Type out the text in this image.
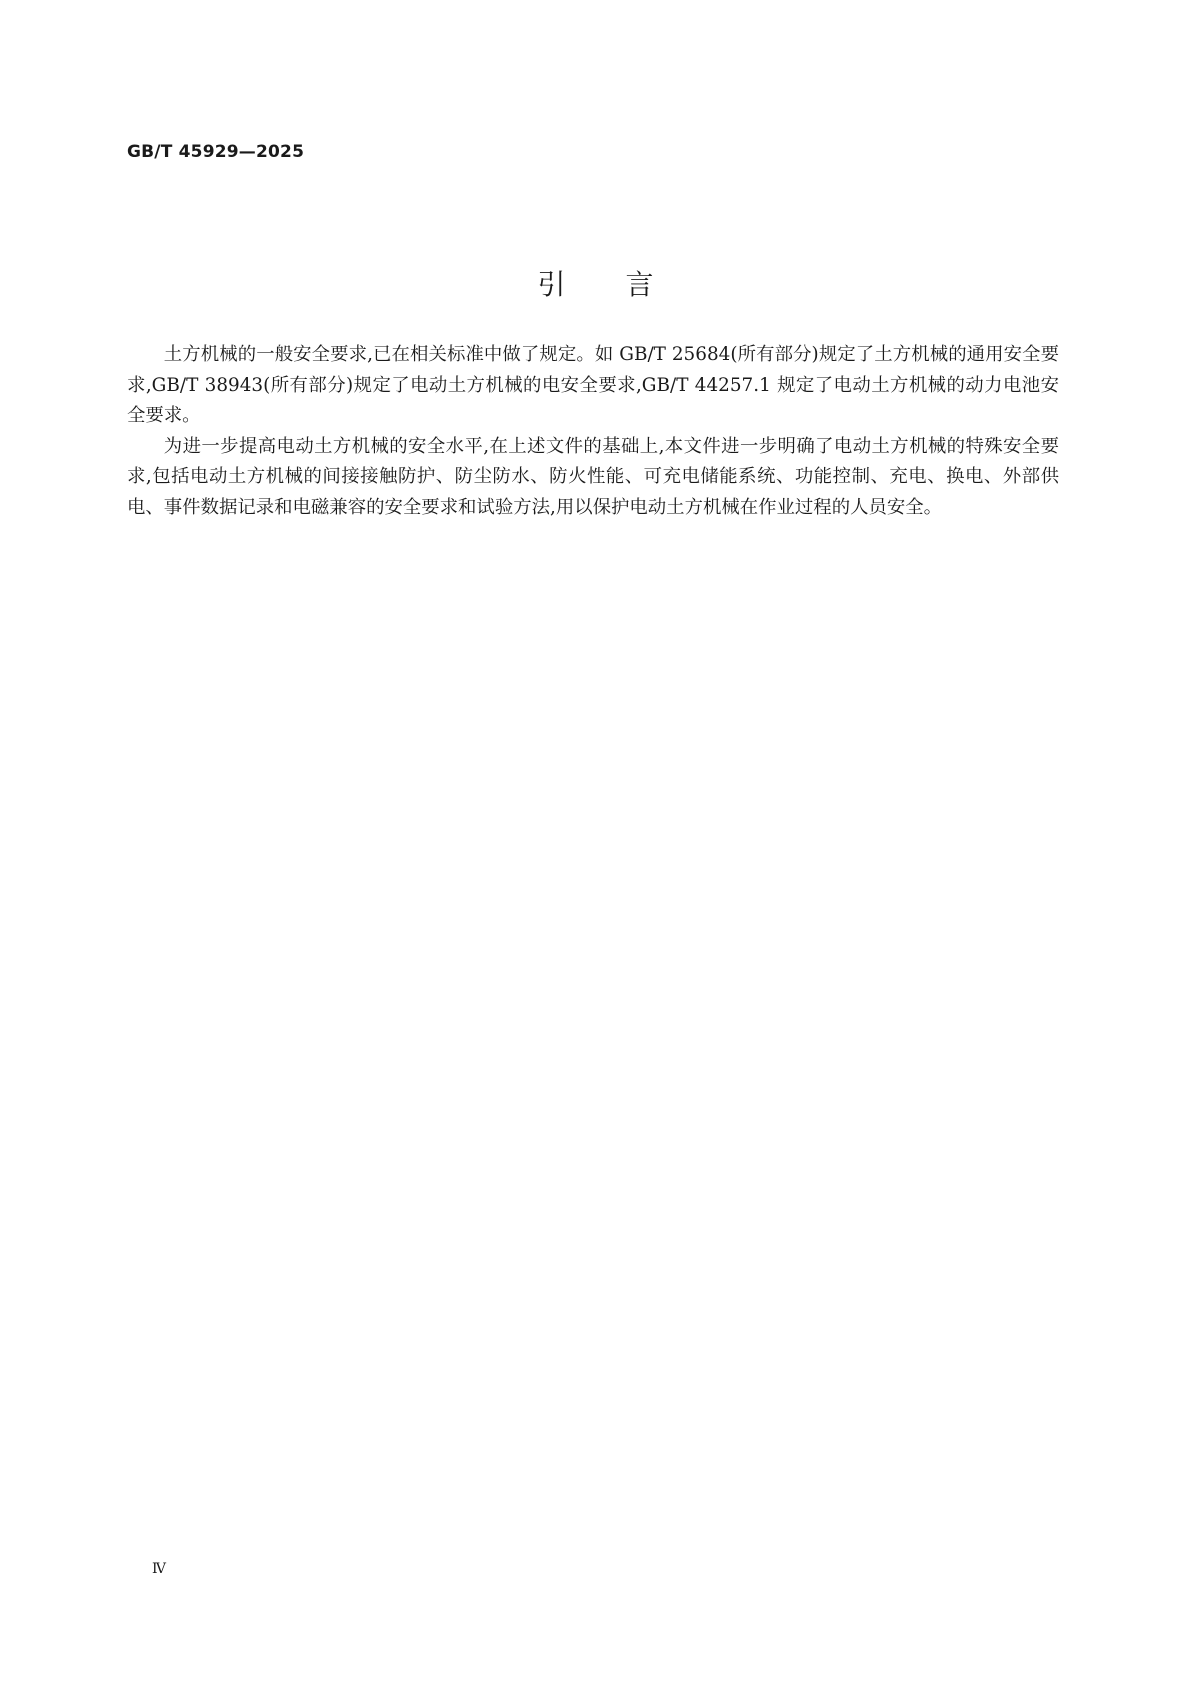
GB/T 45929—2025
引言

土方机械的一般安全要求,已在相关标准中做了规定。如 GB/T 25684(所有部分)规定了土方机械的通用安全要求,GB/T 38943(所有部分)规定了电动土方机械的电安全要求,GB/T 44257.1 规定了电动土方机械的动力电池安全要求。

为进一步提高电动土方机械的安全水平,在上述文件的基础上,本文件进一步明确了电动土方机械的特殊安全要求,包括电动土方机械的间接接触防护、防尘防水、防火性能、可充电储能系统、功能控制、充电、换电、外部供电、事件数据记录和电磁兼容的安全要求和试验方法,用以保护电动土方机械在作业过程的人员安全。

Ⅳ
